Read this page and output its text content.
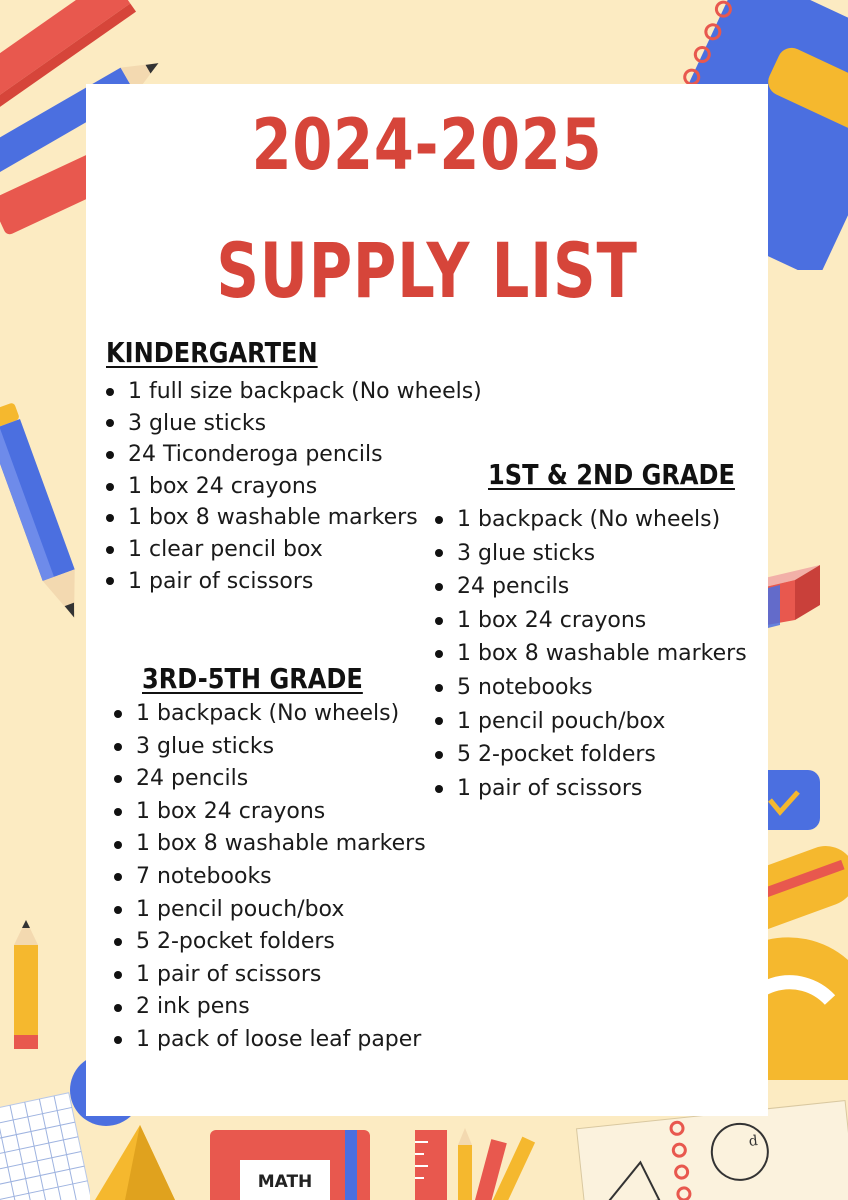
MATH
d
2024-2025
SUPPLY LIST
KINDERGARTEN
1 full size backpack (No wheels)
3 glue sticks
24 Ticonderoga pencils
1 box 24 crayons
1 box 8 washable markers
1 clear pencil box
1 pair of scissors
1ST & 2ND GRADE
1 backpack (No wheels)
3 glue sticks
24 pencils
1 box 24 crayons
1 box 8 washable markers
5 notebooks
1 pencil pouch/box
5 2-pocket folders
1 pair of scissors
3RD-5TH GRADE
1 backpack (No wheels)
3 glue sticks
24 pencils
1 box 24 crayons
1 box 8 washable markers
7 notebooks
1 pencil pouch/box
5 2-pocket folders
1 pair of scissors
2 ink pens
1 pack of loose leaf paper
